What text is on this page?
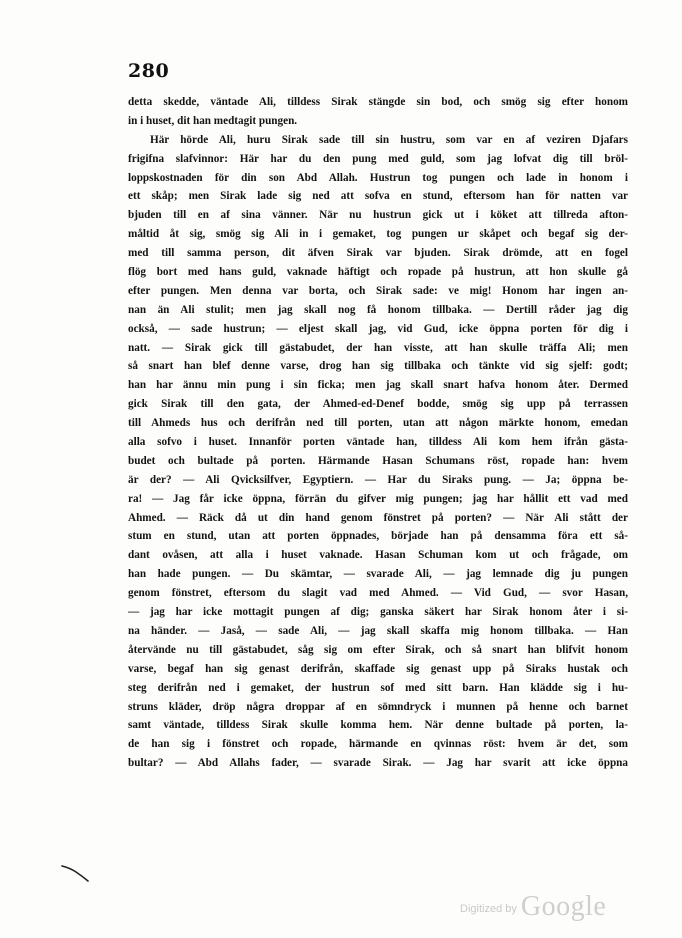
280
detta skedde, väntade Ali, tilldess Sirak stängde sin bod, och smög sig efter honom
in i huset, dit han medtagit pungen.
Här hörde Ali, huru Sirak sade till sin hustru, som var en af veziren Djafars
frigifna slafvinnor: Här har du den pung med guld, som jag lofvat dig till bröl-
loppskostnaden för din son Abd Allah. Hustrun tog pungen och lade in honom i
ett skåp; men Sirak lade sig ned att sofva en stund, eftersom han för natten var
bjuden till en af sina vänner. När nu hustrun gick ut i köket att tillreda afton-
måltid åt sig, smög sig Ali in i gemaket, tog pungen ur skåpet och begaf sig der-
med till samma person, dit äfven Sirak var bjuden. Sirak drömde, att en fogel
flög bort med hans guld, vaknade häftigt och ropade på hustrun, att hon skulle gå
efter pungen. Men denna var borta, och Sirak sade: ve mig! Honom har ingen an-
nan än Ali stulit; men jag skall nog få honom tillbaka. — Dertill råder jag dig
också, — sade hustrun; — eljest skall jag, vid Gud, icke öppna porten för dig i
natt. — Sirak gick till gästabudet, der han visste, att han skulle träffa Ali; men
så snart han blef denne varse, drog han sig tillbaka och tänkte vid sig sjelf: godt;
han har ännu min pung i sin ficka; men jag skall snart hafva honom åter. Dermed
gick Sirak till den gata, der Ahmed-ed-Denef bodde, smög sig upp på terrassen
till Ahmeds hus och derifrån ned till porten, utan att någon märkte honom, emedan
alla sofvo i huset. Innanför porten väntade han, tilldess Ali kom hem ifrån gästa-
budet och bultade på porten. Härmande Hasan Schumans röst, ropade han: hvem
är der? — Ali Qvicksilfver, Egyptiern. — Har du Siraks pung. — Ja; öppna be-
ra! — Jag får icke öppna, förrän du gifver mig pungen; jag har hållit ett vad med
Ahmed. — Räck då ut din hand genom fönstret på porten? — När Ali stått der
stum en stund, utan att porten öppnades, började han på densamma föra ett så-
dant ovåsen, att alla i huset vaknade. Hasan Schuman kom ut och frågade, om
han hade pungen. — Du skämtar, — svarade Ali, — jag lemnade dig ju pungen
genom fönstret, eftersom du slagit vad med Ahmed. — Vid Gud, — svor Hasan,
— jag har icke mottagit pungen af dig; ganska säkert har Sirak honom åter i si-
na händer. — Jaså, — sade Ali, — jag skall skaffa mig honom tillbaka. — Han
återvände nu till gästabudet, såg sig om efter Sirak, och så snart han blifvit honom
varse, begaf han sig genast derifrån, skaffade sig genast upp på Siraks hustak och
steg derifrån ned i gemaket, der hustrun sof med sitt barn. Han klädde sig i hu-
struns kläder, dröp några droppar af en sömndryck i munnen på henne och barnet
samt väntade, tilldess Sirak skulle komma hem. När denne bultade på porten, la-
de han sig i fönstret och ropade, härmande en qvinnas röst: hvem är det, som
bultar? — Abd Allahs fader, — svarade Sirak. — Jag har svarit att icke öppna
Digitized by Google
